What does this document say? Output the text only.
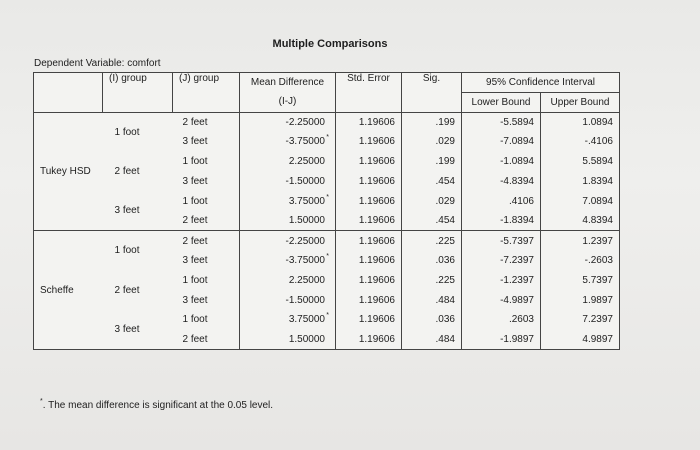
Multiple Comparisons
Dependent Variable: comfort
	(I) group	(J) group	Mean Difference	Std. Error	Sig.	95% Confidence Interval	
			(I-J)			Lower Bound	Upper Bound
Tukey HSD	1 foot	2 feet	-2.25000	1.19606	.199	-5.5894	1.0894
		3 feet	-3.75000*	1.19606	.029	-7.0894	-.4106
	2 feet	1 foot	2.25000	1.19606	.199	-1.0894	5.5894
		3 feet	-1.50000	1.19606	.454	-4.8394	1.8394
	3 feet	1 foot	3.75000*	1.19606	.029	.4106	7.0894
		2 feet	1.50000	1.19606	.454	-1.8394	4.8394
Scheffe	1 foot	2 feet	-2.25000	1.19606	.225	-5.7397	1.2397
		3 feet	-3.75000*	1.19606	.036	-7.2397	-.2603
	2 feet	1 foot	2.25000	1.19606	.225	-1.2397	5.7397
		3 feet	-1.50000	1.19606	.484	-4.9897	1.9897
	3 feet	1 foot	3.75000*	1.19606	.036	.2603	7.2397
		2 feet	1.50000	1.19606	.484	-1.9897	4.9897
*. The mean difference is significant at the 0.05 level.
